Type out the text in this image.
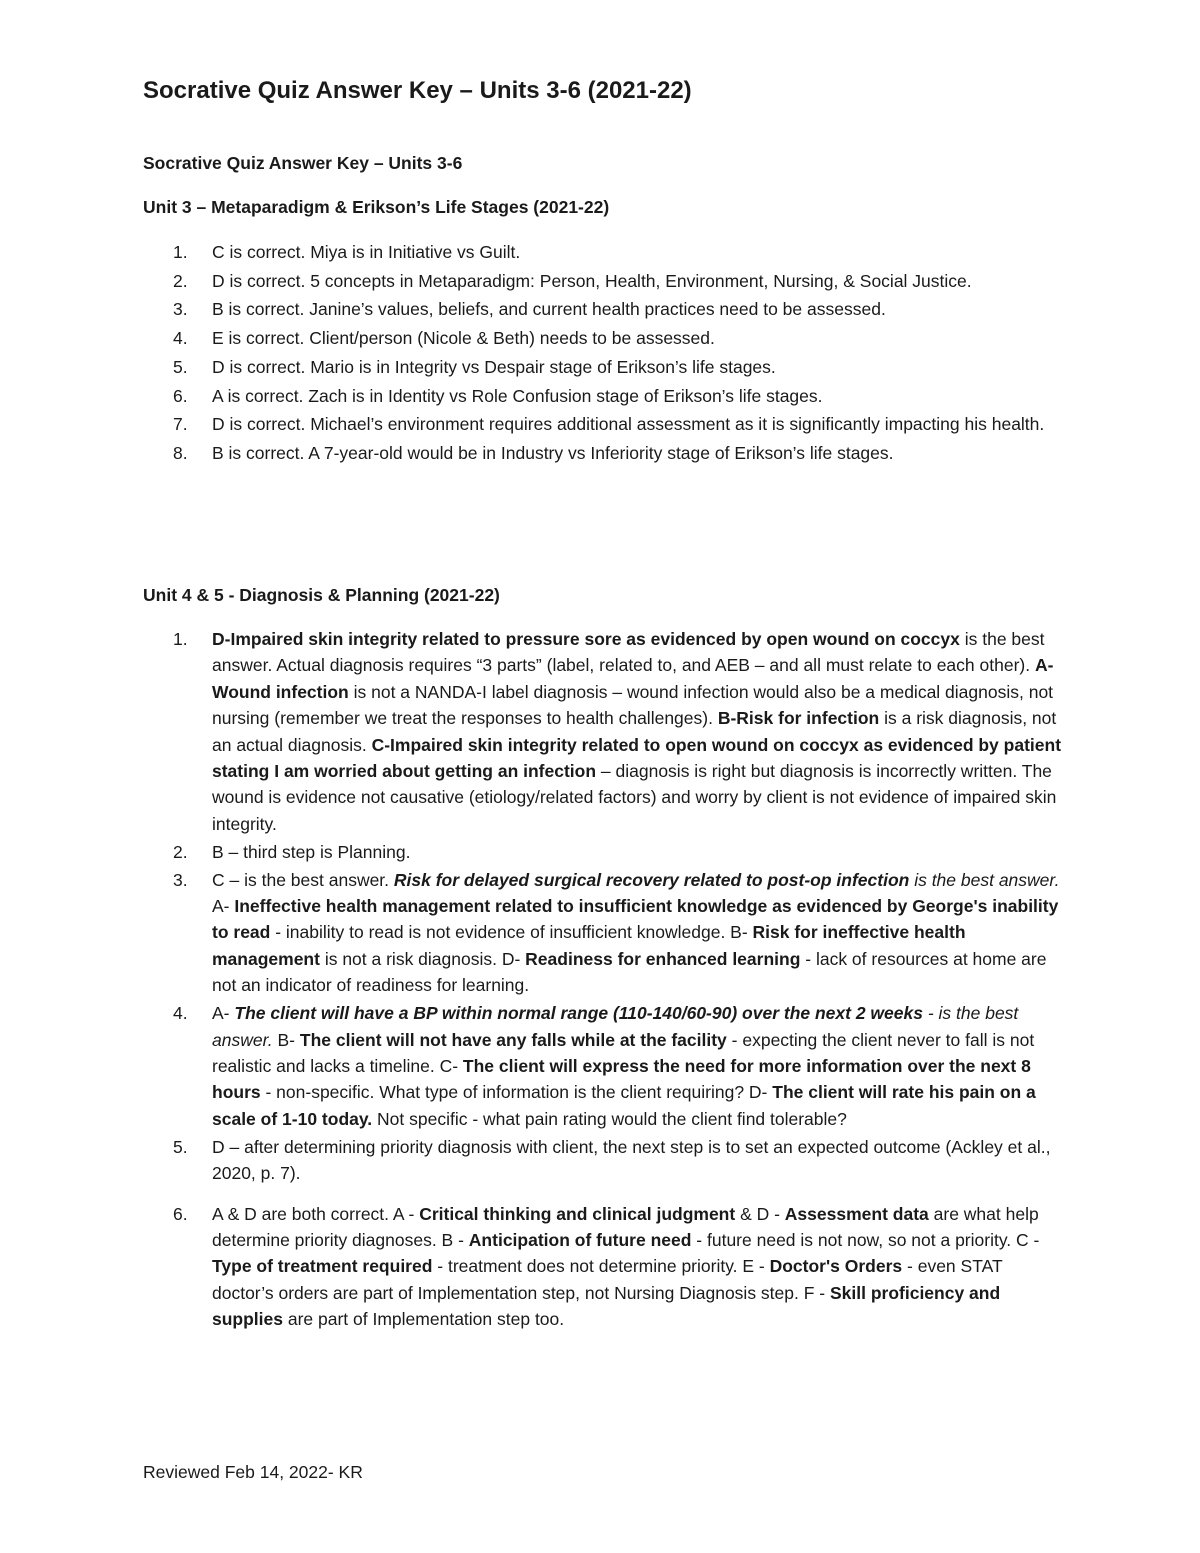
Socrative Quiz Answer Key – Units 3-6 (2021-22)

Socrative Quiz Answer Key – Units 3-6

Unit 3 – Metaparadigm & Erikson’s Life Stages (2021-22)
1. C is correct. Miya is in Initiative vs Guilt.
2. D is correct. 5 concepts in Metaparadigm: Person, Health, Environment, Nursing, & Social Justice.
3. B is correct. Janine’s values, beliefs, and current health practices need to be assessed.
4. E is correct. Client/person (Nicole & Beth) needs to be assessed.
5. D is correct. Mario is in Integrity vs Despair stage of Erikson’s life stages.
6. A is correct. Zach is in Identity vs Role Confusion stage of Erikson’s life stages.
7. D is correct. Michael’s environment requires additional assessment as it is significantly impacting his health.
8. B is correct. A 7-year-old would be in Industry vs Inferiority stage of Erikson’s life stages.
Unit 4 & 5 - Diagnosis & Planning (2021-22)
1. D-Impaired skin integrity related to pressure sore as evidenced by open wound on coccyx is the best answer. Actual diagnosis requires “3 parts” (label, related to, and AEB – and all must relate to each other). A-Wound infection is not a NANDA-I label diagnosis – wound infection would also be a medical diagnosis, not nursing (remember we treat the responses to health challenges). B-Risk for infection is a risk diagnosis, not an actual diagnosis. C-Impaired skin integrity related to open wound on coccyx as evidenced by patient stating I am worried about getting an infection – diagnosis is right but diagnosis is incorrectly written. The wound is evidence not causative (etiology/related factors) and worry by client is not evidence of impaired skin integrity.
2. B – third step is Planning.
3. C – is the best answer. Risk for delayed surgical recovery related to post-op infection is the best answer. A- Ineffective health management related to insufficient knowledge as evidenced by George's inability to read - inability to read is not evidence of insufficient knowledge. B- Risk for ineffective health management is not a risk diagnosis. D- Readiness for enhanced learning - lack of resources at home are not an indicator of readiness for learning.
4. A- The client will have a BP within normal range (110-140/60-90) over the next 2 weeks - is the best answer. B- The client will not have any falls while at the facility - expecting the client never to fall is not realistic and lacks a timeline. C- The client will express the need for more information over the next 8 hours - non-specific. What type of information is the client requiring? D- The client will rate his pain on a scale of 1-10 today. Not specific - what pain rating would the client find tolerable?
5. D – after determining priority diagnosis with client, the next step is to set an expected outcome (Ackley et al., 2020, p. 7).
6. A & D are both correct. A - Critical thinking and clinical judgment & D - Assessment data are what help determine priority diagnoses. B - Anticipation of future need - future need is not now, so not a priority. C - Type of treatment required - treatment does not determine priority. E - Doctor's Orders - even STAT doctor’s orders are part of Implementation step, not Nursing Diagnosis step. F - Skill proficiency and supplies are part of Implementation step too.

Reviewed Feb 14, 2022- KR
